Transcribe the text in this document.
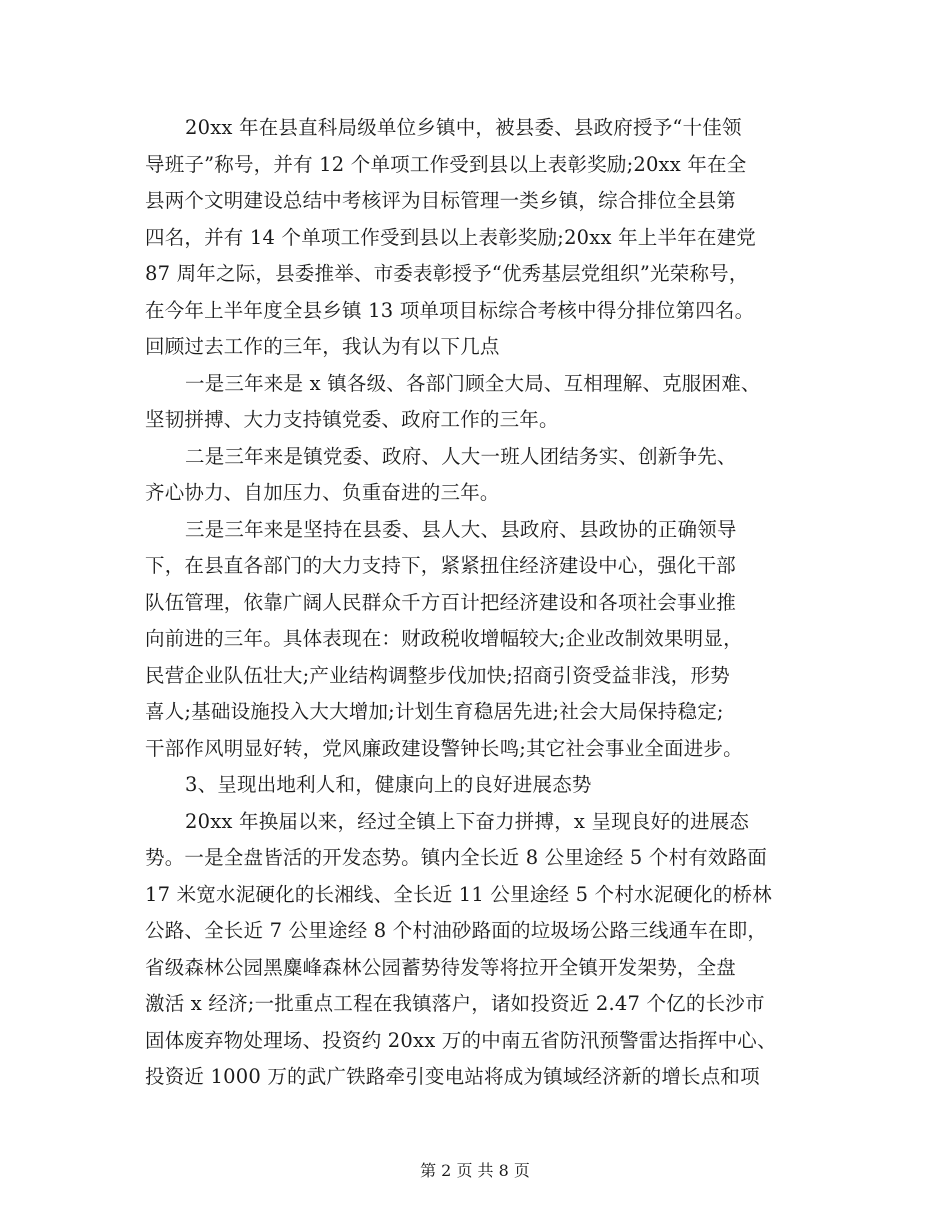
20xx 年在县直科局级单位乡镇中，被县委、县政府授予“十佳领
导班子”称号，并有 12 个单项工作受到县以上表彰奖励;20xx 年在全
县两个文明建设总结中考核评为目标管理一类乡镇，综合排位全县第
四名，并有 14 个单项工作受到县以上表彰奖励;20xx 年上半年在建党
87 周年之际，县委推举、市委表彰授予“优秀基层党组织”光荣称号，
在今年上半年度全县乡镇 13 项单项目标综合考核中得分排位第四名。
回顾过去工作的三年，我认为有以下几点
一是三年来是 x 镇各级、各部门顾全大局、互相理解、克服困难、
坚韧拼搏、大力支持镇党委、政府工作的三年。
二是三年来是镇党委、政府、人大一班人团结务实、创新争先、
齐心协力、自加压力、负重奋进的三年。
三是三年来是坚持在县委、县人大、县政府、县政协的正确领导
下，在县直各部门的大力支持下，紧紧扭住经济建设中心，强化干部
队伍管理，依靠广阔人民群众千方百计把经济建设和各项社会事业推
向前进的三年。具体表现在：财政税收增幅较大;企业改制效果明显，
民营企业队伍壮大;产业结构调整步伐加快;招商引资受益非浅，形势
喜人;基础设施投入大大增加;计划生育稳居先进;社会大局保持稳定;
干部作风明显好转，党风廉政建设警钟长鸣;其它社会事业全面进步。
3、呈现出地利人和，健康向上的良好进展态势
20xx 年换届以来，经过全镇上下奋力拼搏，x 呈现良好的进展态
势。一是全盘皆活的开发态势。镇内全长近 8 公里途经 5 个村有效路面
17 米宽水泥硬化的长湘线、全长近 11 公里途经 5 个村水泥硬化的桥林
公路、全长近 7 公里途经 8 个村油砂路面的垃圾场公路三线通车在即，
省级森林公园黑麋峰森林公园蓄势待发等将拉开全镇开发架势，全盘
激活 x 经济;一批重点工程在我镇落户，诸如投资近 2.47 个亿的长沙市
固体废弃物处理场、投资约 20xx 万的中南五省防汛预警雷达指挥中心、
投资近 1000 万的武广铁路牵引变电站将成为镇域经济新的增长点和项
第 2 页 共 8 页
